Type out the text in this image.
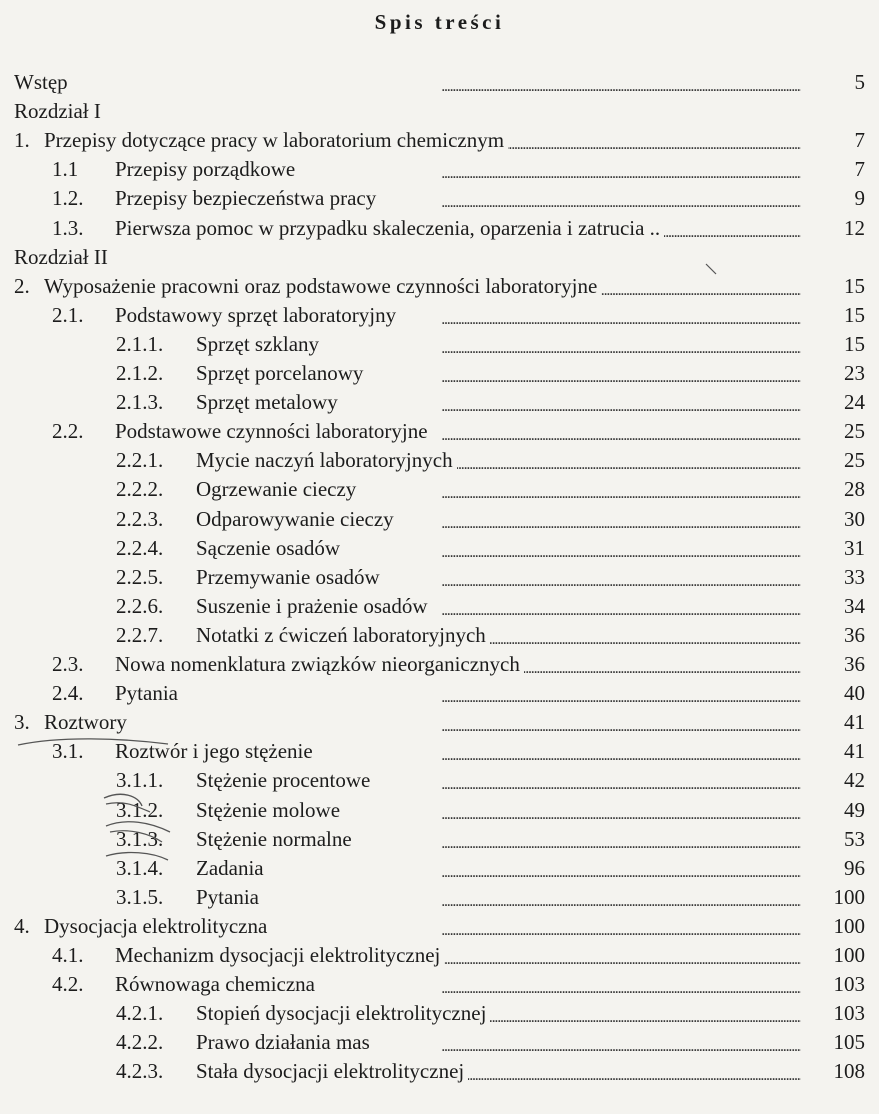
Spis treści
. . .
Wstęp	5
Rozdział I
1. . . . Przepisy dotyczące pracy w laboratorium chemicznym	7
1.1 . . . Przepisy porządkowe	7
1.2. . . . Przepisy bezpieczeństwa pracy	9
1.3. . . . Pierwsza pomoc w przypadku skaleczenia, oparzenia i zatrucia ..	12
Rozdział II
2. . . . Wyposażenie pracowni oraz podstawowe czynności laboratoryjne	15
2.1. . . . Podstawowy sprzęt laboratoryjny	15
2.1.1. . . . Sprzęt szklany	15
2.1.2. . . . Sprzęt porcelanowy	23
2.1.3. . . . Sprzęt metalowy	24
2.2. . . . Podstawowe czynności laboratoryjne	25
2.2.1. . . . Mycie naczyń laboratoryjnych	25
2.2.2. . . . Ogrzewanie cieczy	28
2.2.3. . . . Odparowywanie cieczy	30
2.2.4. . . . Sączenie osadów	31
2.2.5. . . . Przemywanie osadów	33
2.2.6. . . . Suszenie i prażenie osadów	34
2.2.7. . . . Notatki z ćwiczeń laboratoryjnych	36
2.3. . . . Nowa nomenklatura związków nieorganicznych	36
2.4. . . . Pytania	40
3. . . . Roztwory	41
3.1. . . . Roztwór i jego stężenie	41
3.1.1. . . . Stężenie procentowe	42
3.1.2. . . . Stężenie molowe	49
3.1.3. . . . Stężenie normalne	53
3.1.4. . . . Zadania	96
3.1.5. . . . Pytania	100
4. . . . Dysocjacja elektrolityczna	100
4.1. . . . Mechanizm dysocjacji elektrolitycznej	100
4.2. . . . Równowaga chemiczna	103
4.2.1. . . . Stopień dysocjacji elektrolitycznej	103
4.2.2. . . . Prawo działania mas	105
4.2.3. . . . Stała dysocjacji elektrolitycznej	108
